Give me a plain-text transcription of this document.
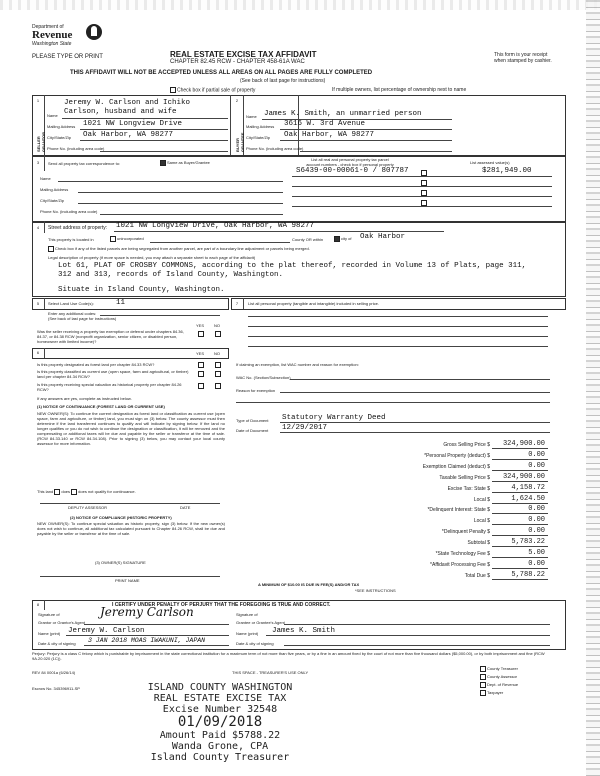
Department of
Revenue
Washington State
PLEASE TYPE OR PRINT	REAL ESTATE EXCISE TAX AFFIDAVIT
CHAPTER 82.45 RCW - CHAPTER 458-61A WAC
This form is your receipt
when stamped by cashier.
THIS AFFIDAVIT WILL NOT BE ACCEPTED UNLESS ALL AREAS ON ALL PAGES ARE FULLY COMPLETED
(See back of last page for instructions)
Check box if partial sale of property	If multiple owners, list percentage of ownership next to name
1	2
SELLER GRANTOR	BUYER GRANTEE
Name
Jeremy W. Carlson and Ichiko Carlson, husband and wife
Mailing Address 1021 NW Longview Drive
City/State/Zip Oak Harbor, WA 98277
Phone No. (including area code)
Name James K. Smith, an unmarried person
Mailing Address 3616 W. 3rd Avenue
City/State/Zip Oak Harbor, WA 98277
Phone No. (including area code)
3	Send all property tax correspondence to:	Same as Buyer/Grantee
List all real and personal property tax parcel
account numbers - check box if personal property	List assessed value(s)
Name
Mailing Address
City/State/Zip
Phone No. (including area code)
S6439-00-00061-0 / 807787	$281,949.00
4	Street address of property: 1021 NW Longview Drive, Oak Harbor, WA 98277
This property is located in	unincorporated	County OR within	city of Oak Harbor
Check box if any of the listed parcels are being segregated from another parcel, are part of a boundary line adjustment or parcels being merged.
Legal description of property (if more space is needed, you may attach a separate sheet to each page of the affidavit)
Lot 61, PLAT OF CROSBY COMMONS, according to the plat thereof, recorded in Volume 13 of Plats, page 311,
312 and 313, records of Island County, Washington.
Situate in Island County, Washington.
5	Select Land Use Code(s):	11
Enter any additional codes:
(See back of last page for instructions)
YES NO
Was the seller receiving a property tax exemption or deferral under chapters 84.36, 84.37, or 84.38 RCW (nonprofit organization, senior citizen, or disabled person, homeowner with limited income)?
6	YES NO
Is this property designated as forest land per chapter 84.33 RCW?
Is this property classified as current use (open space, farm and agricultural, or timber) land per chapter 84.34 RCW?
Is this property receiving special valuation as historical property per chapter 84.26 RCW?
If any answers are yes, complete as instructed below.
(1) NOTICE OF CONTINUANCE (FOREST LAND OR CURRENT USE)
NEW OWNER(S): To continue the current designation as forest land or classification as current use (open space, farm and agriculture, or timber) land, you must sign on (3) below. The county assessor must then determine if the land transferred continues to qualify and will indicate by signing below. If the land no longer qualifies or you do not wish to continue the designation or classification, it will be removed and the compensating or additional taxes will be due and payable by the seller or transferor at the time of sale. (RCW 84.33.140 or RCW 84.34.108). Prior to signing (3) below, you may contact your local county assessor for more information.
This land does does not qualify for continuance.
DEPUTY ASSESSOR	DATE
(2) NOTICE OF COMPLIANCE (HISTORIC PROPERTY)
NEW OWNER(S): To continue special valuation as historic property, sign (3) below. If the new owner(s) does not wish to continue, all additional tax calculated pursuant to Chapter 84.26 RCW, shall be due and payable by the seller or transferor at the time of sale.
(3) OWNER(S) SIGNATURE
PRINT NAME
7	List all personal property (tangible and intangible) included in selling price.
If claiming an exemption, list WAC number and reason for exemption:
WAC No. (Section/Subsection)
Reason for exemption
Type of Document Statutory Warranty Deed
Date of Document 12/29/2017
Gross Selling Price $	324,900.00
*Personal Property (deduct) $	0.00
Exemption Claimed (deduct) $	0.00
Taxable Selling Price $	324,900.00
Excise Tax: State $	4,158.72
Local $	1,624.50
*Delinquent Interest: State $	0.00
Local $	0.00
*Delinquent Penalty $	0.00
Subtotal $	5,783.22
*State Technology Fee $	5.00
*Affidavit Processing Fee $	0.00
Total Due $	5,788.22
A MINIMUM OF $10.00 IS DUE IN FEE(S) AND/OR TAX
*SEE INSTRUCTIONS
8	I CERTIFY UNDER PENALTY OF PERJURY THAT THE FOREGOING IS TRUE AND CORRECT.
Signature of
Grantor or Grantor's Agent
Jeremy Carlson
Name (print) Jeremy W. Carlson
Date & city of signing 3 JAN 2018 MOAS IWAKUNI, JAPAN
Signature of
Grantee or Grantee's Agent
Name (print) James K. Smith
Date & city of signing
Perjury: Perjury is a class C felony which is punishable by imprisonment in the state correctional institution for a maximum term of not more than five years, or by a fine in an amount fixed by the court of not more than five thousand dollars ($5,000.00), or by both imprisonment and fine (RCW 9A.20.020 (1C)).
REV 84 0001a (6/26/14)	THIS SPACE - TREASURER'S USE ONLY
Escrow No. 345396911-SP
County Treasurer
County Assessor
Dept. of Revenue
Taxpayer
ISLAND COUNTY WASHINGTON
REAL ESTATE EXCISE TAX
Excise Number 32548
01/09/2018
Amount Paid $5788.22
Wanda Grone, CPA
Island County Treasurer
